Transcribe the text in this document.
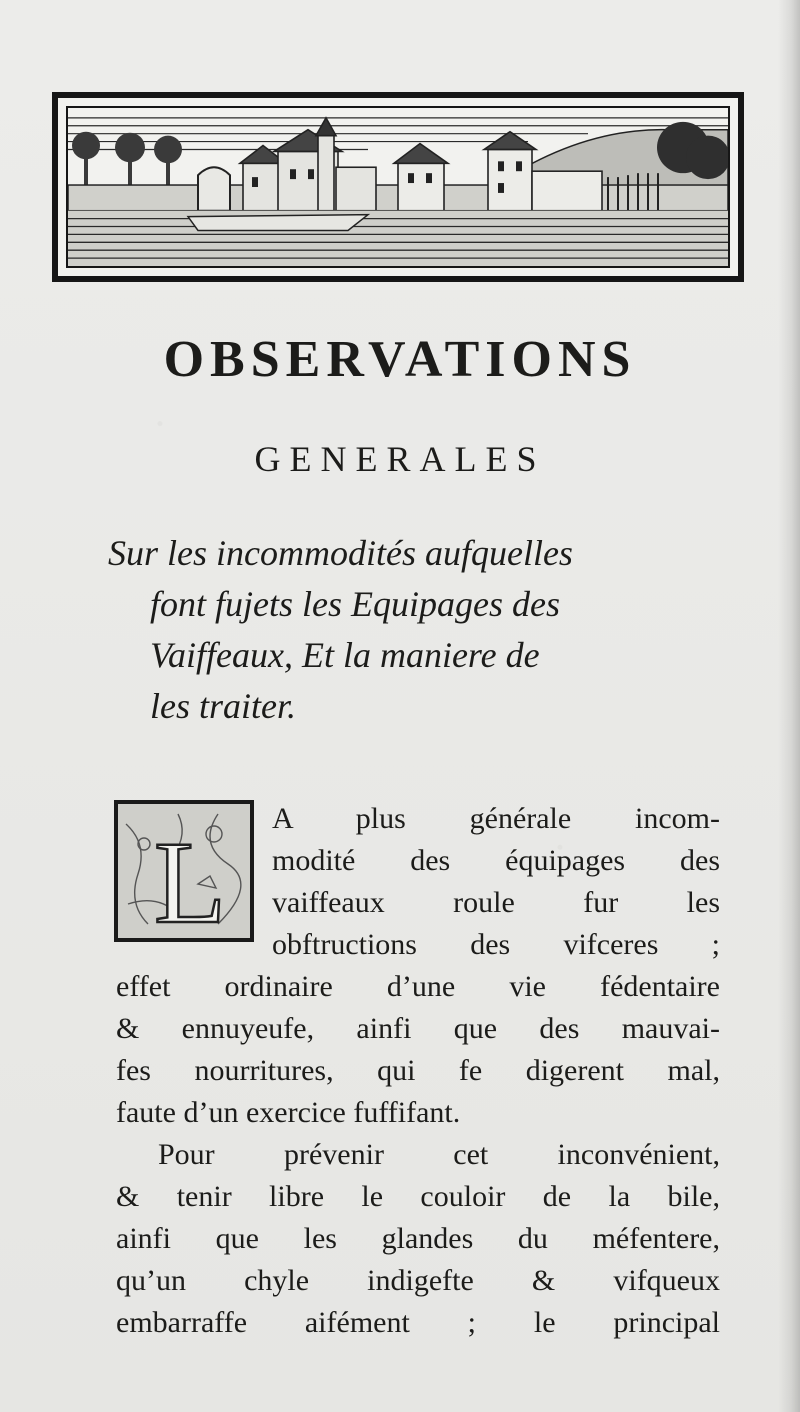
OBSERVATIONS
GENERALES
Sur les incommodités aufquelles
font fujets les Equipages des
Vaiffeaux, Et la maniere de
les traiter.
L	A plus générale incom-
modité des équipages des
vaiffeaux roule fur les
obftructions des vifceres ;
effet ordinaire d’une vie fédentaire
& ennuyeufe, ainfi que des mauvai-
fes nourritures, qui fe digerent mal,
faute d’un exercice fuffifant.
Pour prévenir cet inconvénient,
& tenir libre le couloir de la bile,
ainfi que les glandes du méfentere,
qu’un chyle indigefte & vifqueux
embarraffe aifément ; le principal
